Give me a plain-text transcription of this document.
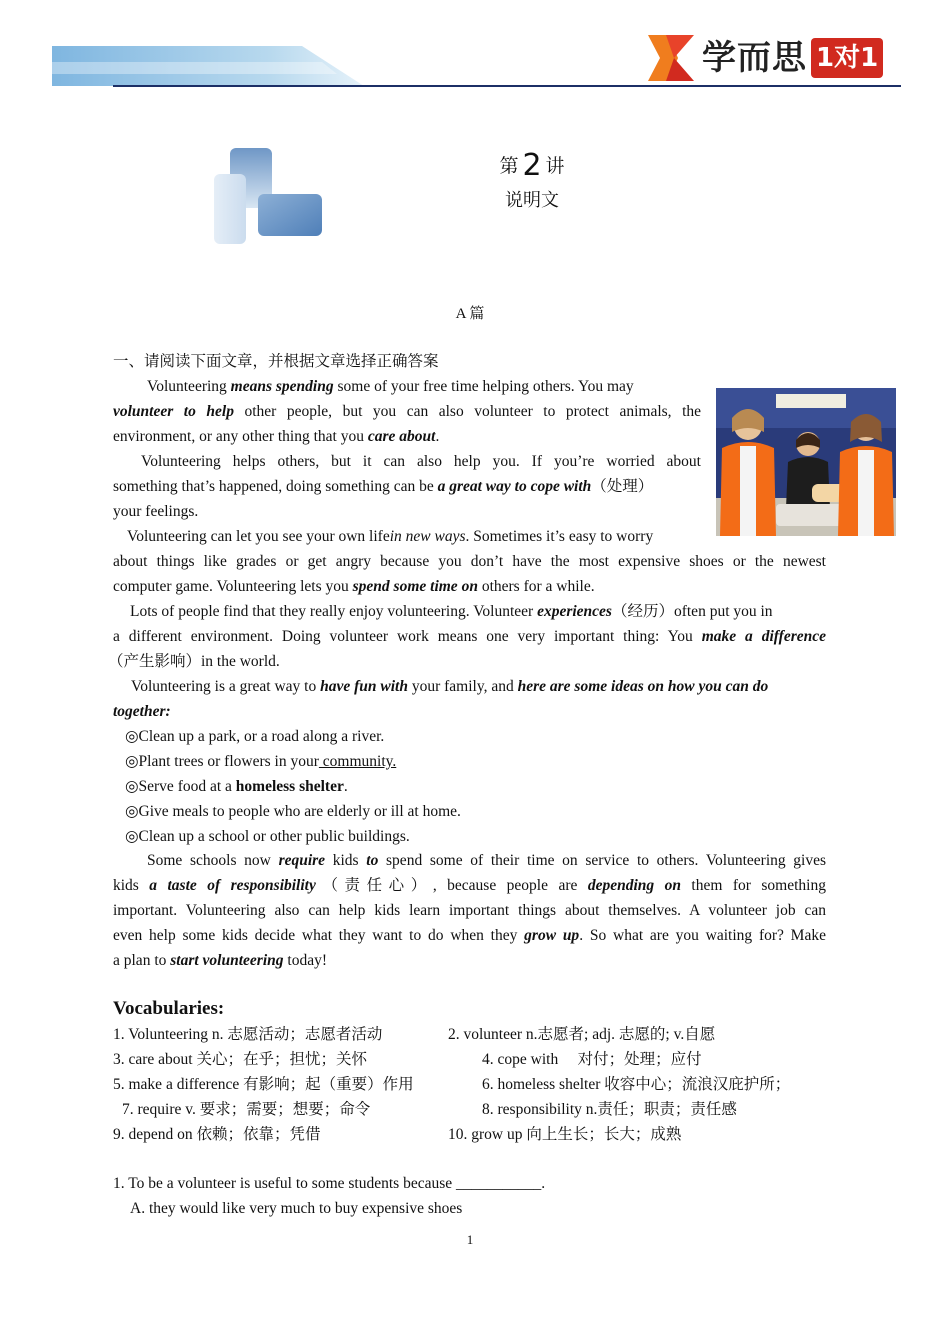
学而思 1对1
第 2 讲
说明文
A 篇
一、请阅读下面文章，并根据文章选择正确答案
Volunteering means spending some of your free time helping others. You may
volunteer to help other people, but you can also volunteer to protect animals, the
environment, or any other thing that you care about.
Volunteering helps others, but it can also help you. If you’re worried about
something that’s happened, doing something can be a great way to cope with（处理）
your feelings.
Volunteering can let you see your own lifein new ways. Sometimes it’s easy to worry
about things like grades or get angry because you don’t have the most expensive shoes or the newest
computer game. Volunteering lets you spend some time on others for a while.
Lots of people find that they really enjoy volunteering. Volunteer experiences（经历）often put you in
a different environment. Doing volunteer work means one very important thing: You make a difference
（产生影响）in the world.
Volunteering is a great way to have fun with your family, and here are some ideas on how you can do
together:
◎Clean up a park, or a road along a river.
◎Plant trees or flowers in your community.
◎Serve food at a homeless shelter.
◎Give meals to people who are elderly or ill at home.
◎Clean up a school or other public buildings.
Some schools now require kids to spend some of their time on service to others. Volunteering gives
kids a taste of responsibility（责任心）, because people are depending on them for something
important. Volunteering also can help kids learn important things about themselves. A volunteer job can
even help some kids decide what they want to do when they grow up. So what are you waiting for? Make
a plan to start volunteering today!
Vocabularies:
1. Volunteering n. 志愿活动；志愿者活动	2. volunteer n.志愿者; adj. 志愿的; v.自愿
3. care about 关心；在乎；担忧；关怀	4. cope with　 对付；处理；应付
5. make a difference 有影响；起（重要）作用	6. homeless shelter 收容中心；流浪汉庇护所；
7. require v. 要求；需要；想要；命令	8. responsibility n.责任；职责；责任感
9. depend on 依赖；依靠；凭借	10. grow up 向上生长；长大；成熟
1. To be a volunteer is useful to some students because ___________.
A. they would like very much to buy expensive shoes
1
